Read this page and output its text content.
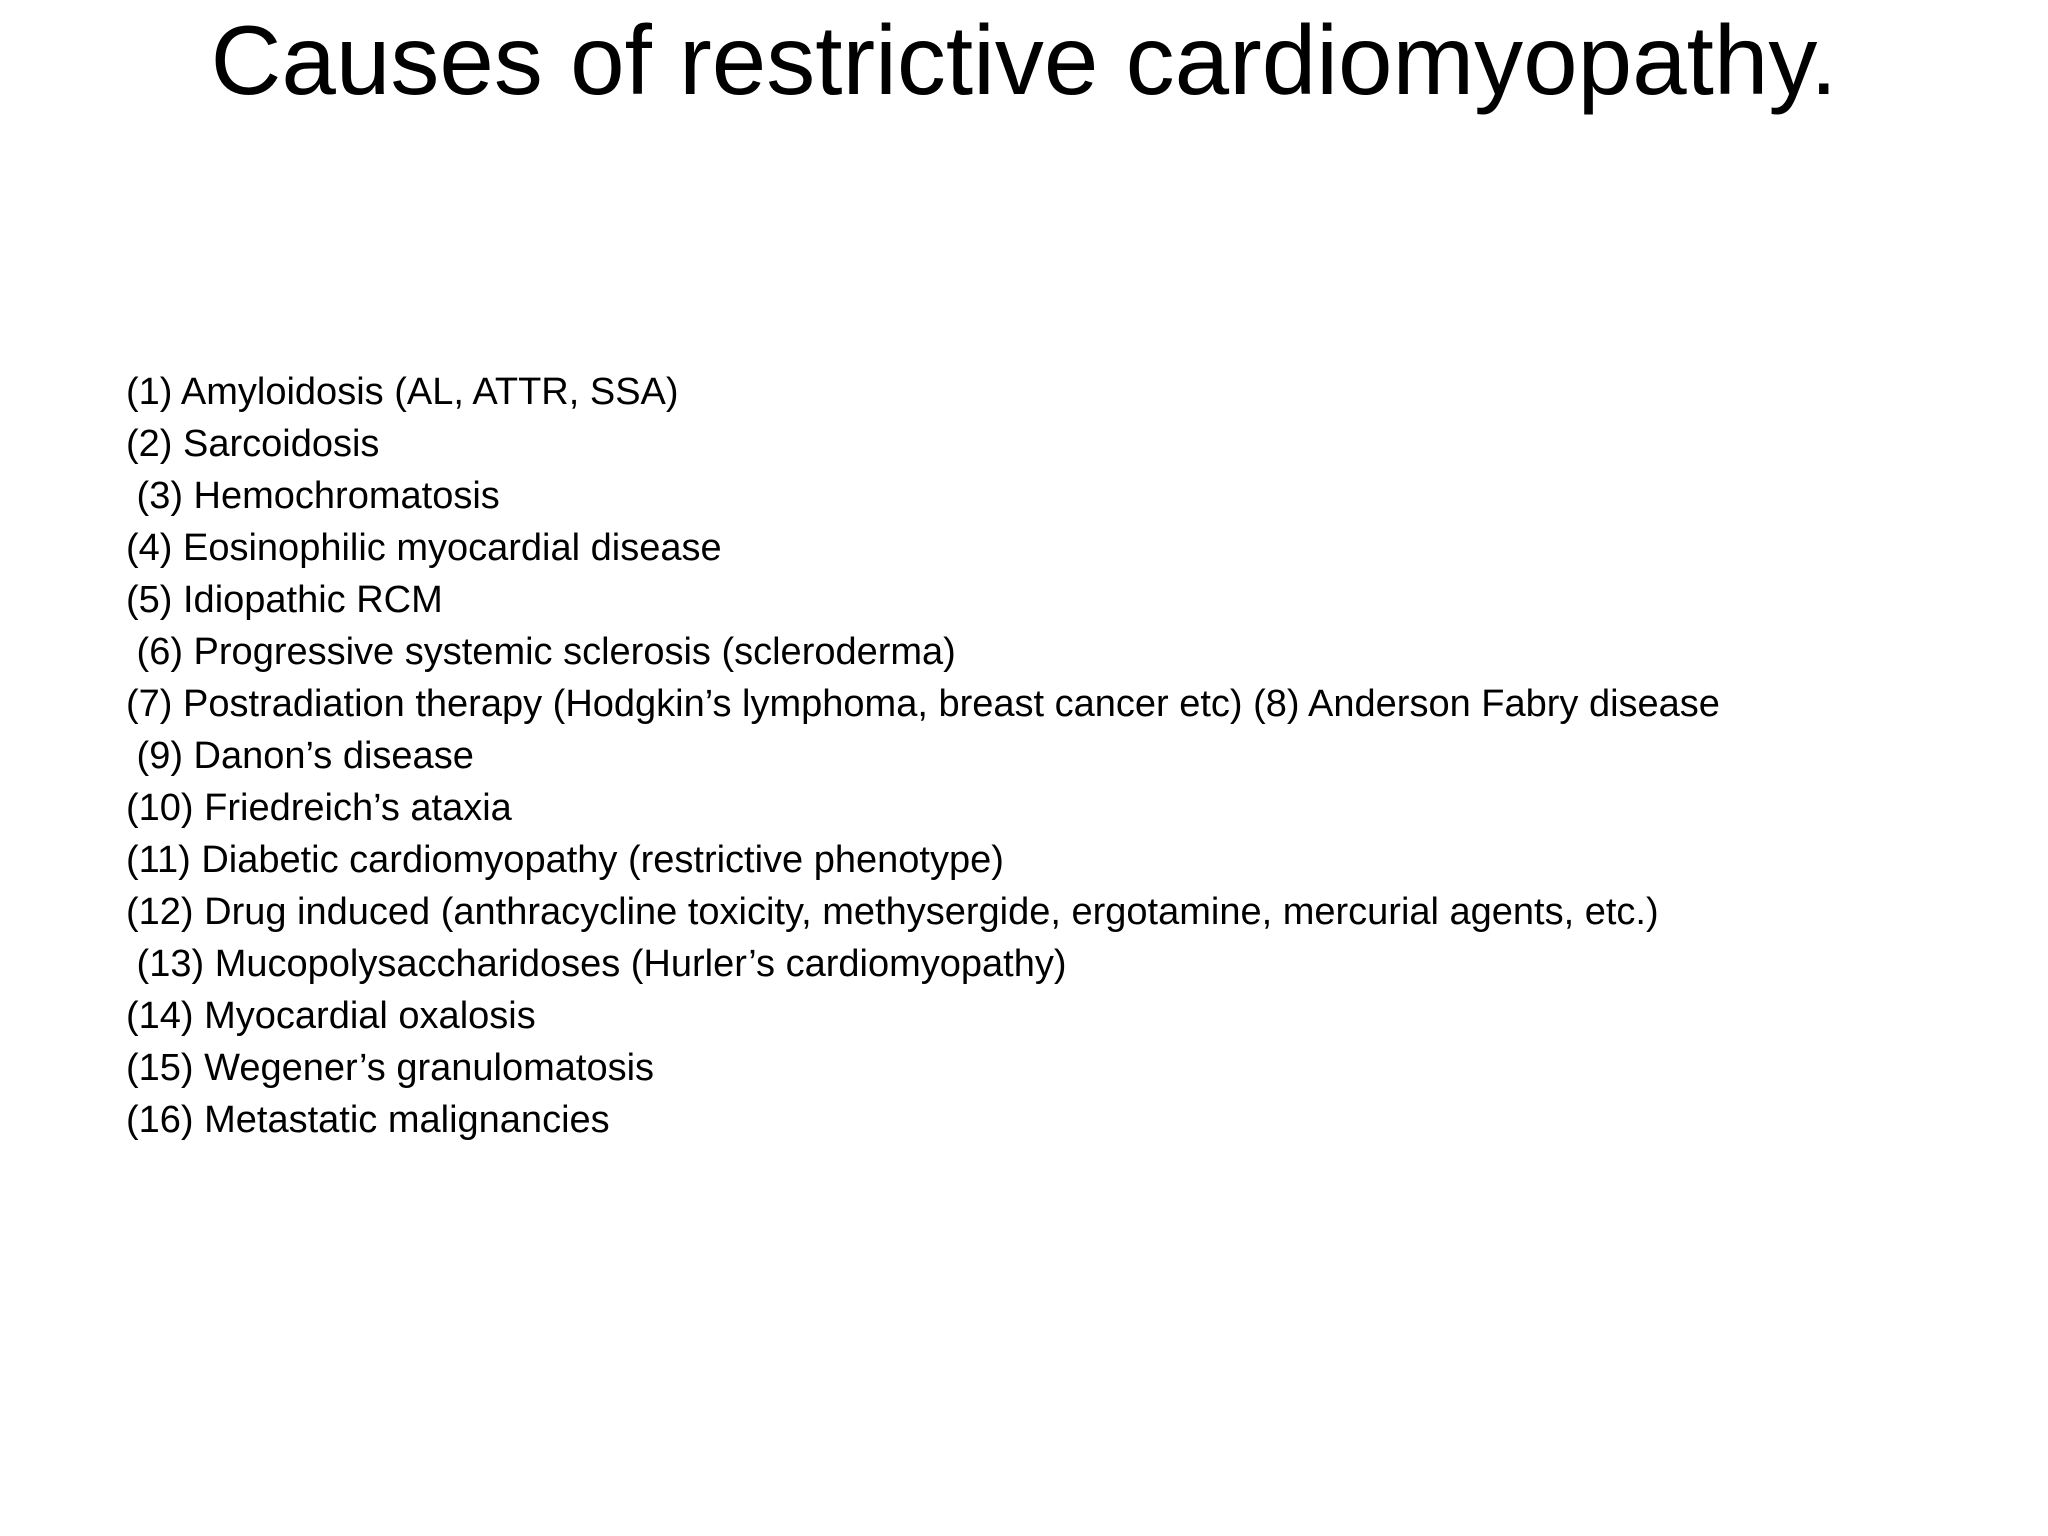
Causes of restrictive cardiomyopathy.
(1) Amyloidosis (AL, ATTR, SSA)
(2) Sarcoidosis
(3) Hemochromatosis
(4) Eosinophilic myocardial disease
(5) Idiopathic RCM
(6) Progressive systemic sclerosis (scleroderma)
(7) Postradiation therapy (Hodgkin’s lymphoma, breast cancer etc) (8) Anderson Fabry disease
(9) Danon’s disease
(10) Friedreich’s ataxia
(11) Diabetic cardiomyopathy (restrictive phenotype)
(12) Drug induced (anthracycline toxicity, methysergide, ergotamine, mercurial agents, etc.)
(13) Mucopolysaccharidoses (Hurler’s cardiomyopathy)
(14) Myocardial oxalosis
(15) Wegener’s granulomatosis
(16) Metastatic malignancies
